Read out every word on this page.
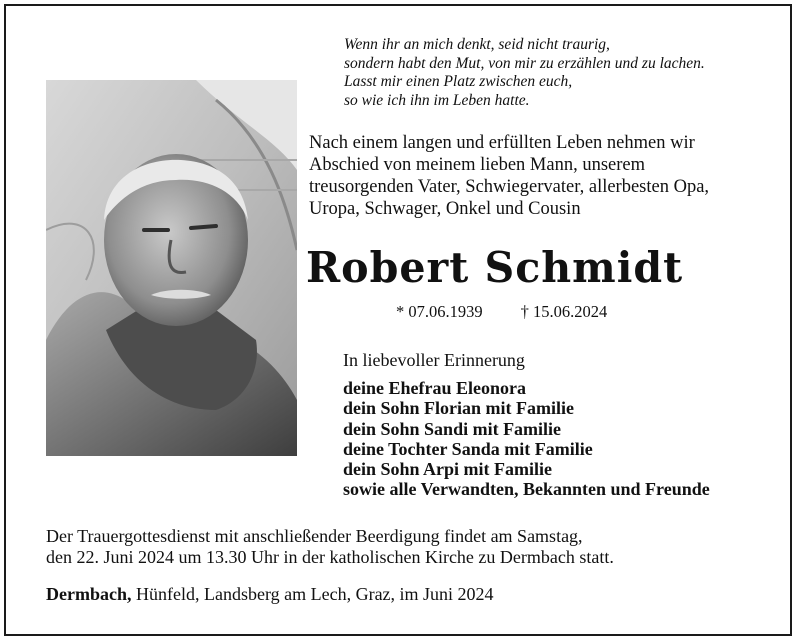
Wenn ihr an mich denkt, seid nicht traurig,
sondern habt den Mut, von mir zu erzählen und zu lachen.
Lasst mir einen Platz zwischen euch,
so wie ich ihn im Leben hatte.
Nach einem langen und erfüllten Leben nehmen wir
Abschied von meinem lieben Mann, unserem
treusorgenden Vater, Schwiegervater, allerbesten Opa,
Uropa, Schwager, Onkel und Cousin
Robert Schmidt
* 07.06.1939 † 15.06.2024
In liebevoller Erinnerung
deine Ehefrau Eleonora
dein Sohn Florian mit Familie
dein Sohn Sandi mit Familie
deine Tochter Sanda mit Familie
dein Sohn Arpi mit Familie
sowie alle Verwandten, Bekannten und Freunde
Der Trauergottesdienst mit anschließender Beerdigung findet am Samstag,
den 22. Juni 2024 um 13.30 Uhr in der katholischen Kirche zu Dermbach statt.
Dermbach, Hünfeld, Landsberg am Lech, Graz, im Juni 2024
